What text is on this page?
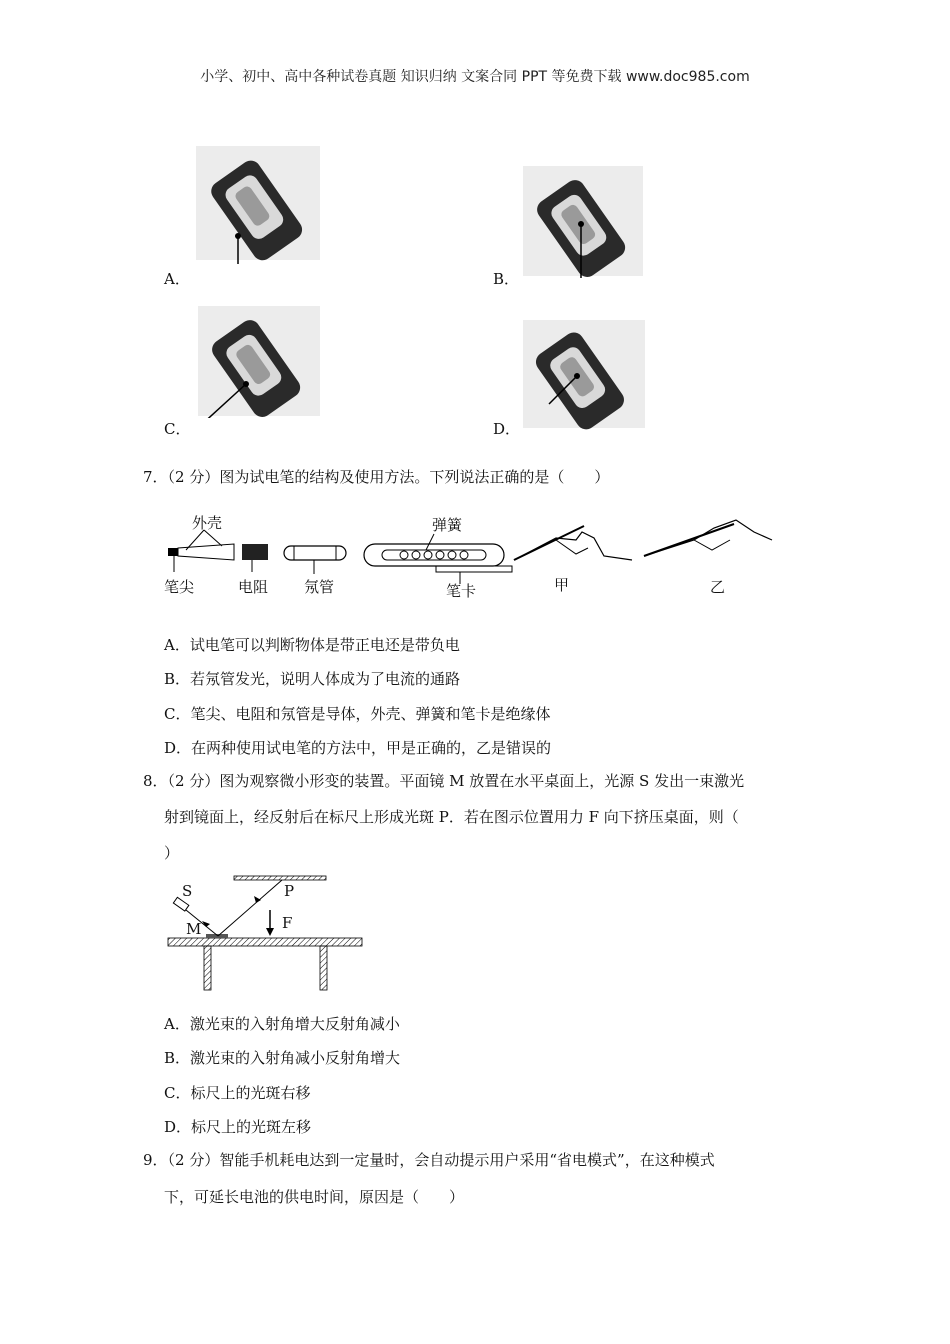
小学、初中、高中各种试卷真题 知识归纳 文案合同 PPT 等免费下载 www.doc985.com
A．	B．
C．	D．
7．（2 分）图为试电笔的结构及使用方法。下列说法正确的是（　　）
外壳
笔尖	电阻 氖管
弹簧
笔卡	甲	乙
A．试电笔可以判断物体是带正电还是带负电
B．若氖管发光，说明人体成为了电流的通路
C．笔尖、电阻和氖管是导体，外壳、弹簧和笔卡是绝缘体
D．在两种使用试电笔的方法中，甲是正确的，乙是错误的
8．（2 分）图为观察微小形变的装置。平面镜 M 放置在水平桌面上，光源 S 发出一束激光
射到镜面上，经反射后在标尺上形成光斑 P．若在图示位置用力 F 向下挤压桌面，则（
）
S	P
M	F
A．激光束的入射角增大反射角减小
B．激光束的入射角减小反射角增大
C．标尺上的光斑右移
D．标尺上的光斑左移
9．（2 分）智能手机耗电达到一定量时，会自动提示用户采用“省电模式”，在这种模式
下，可延长电池的供电时间，原因是（　　）
